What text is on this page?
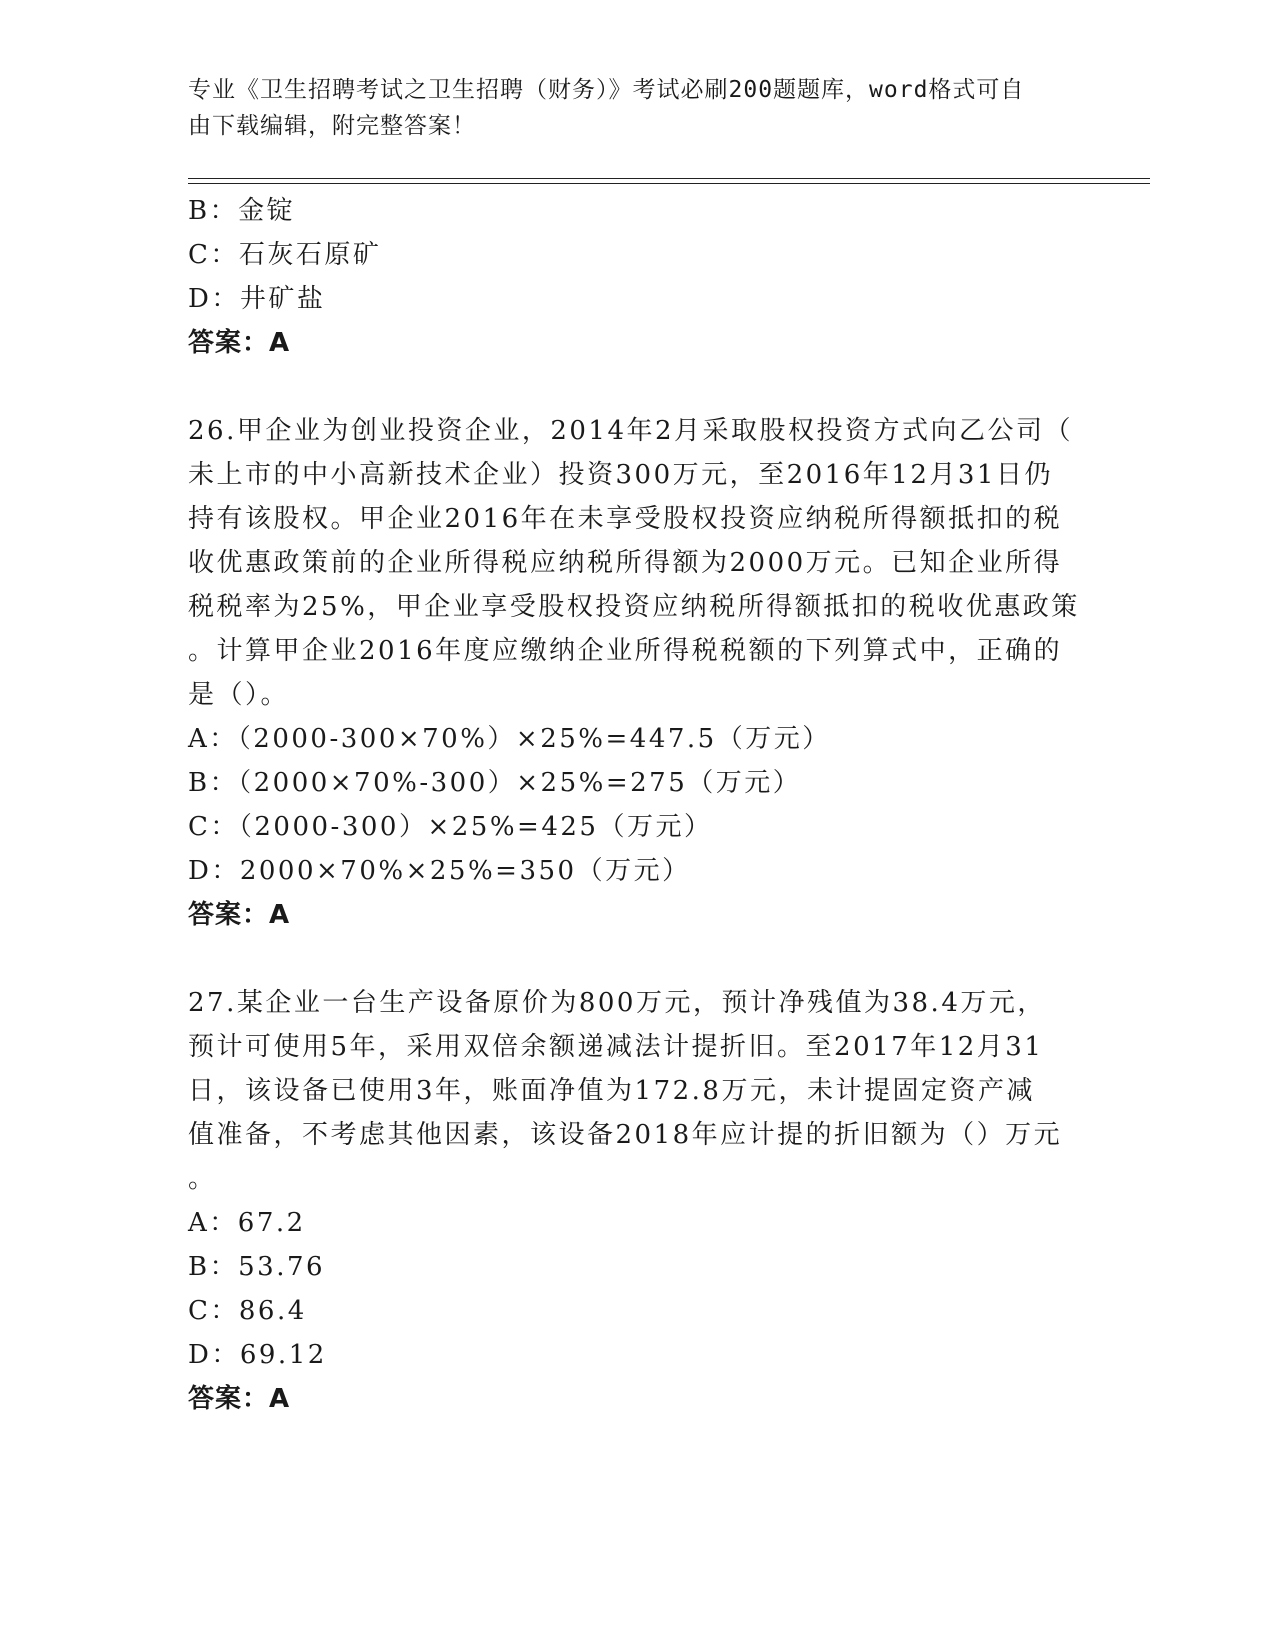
专业《卫生招聘考试之卫生招聘（财务）》考试必刷200题题库，word格式可自
由下载编辑，附完整答案！
B：金锭
C：石灰石原矿
D：井矿盐
答案：A
26.甲企业为创业投资企业，2014年2月采取股权投资方式向乙公司（
未上市的中小高新技术企业）投资300万元，至2016年12月31日仍
持有该股权。甲企业2016年在未享受股权投资应纳税所得额抵扣的税
收优惠政策前的企业所得税应纳税所得额为2000万元。已知企业所得
税税率为25%，甲企业享受股权投资应纳税所得额抵扣的税收优惠政策
。计算甲企业2016年度应缴纳企业所得税税额的下列算式中，正确的
是（）。
A：（2000-300×70%）×25%=447.5（万元）
B：（2000×70%-300）×25%=275（万元）
C：（2000-300）×25%=425（万元）
D：2000×70%×25%=350（万元）
答案：A
27.某企业一台生产设备原价为800万元，预计净残值为38.4万元，
预计可使用5年，采用双倍余额递减法计提折旧。至2017年12月31
日，该设备已使用3年，账面净值为172.8万元，未计提固定资产减
值准备，不考虑其他因素，该设备2018年应计提的折旧额为（）万元
。
A：67.2
B：53.76
C：86.4
D：69.12
答案：A
